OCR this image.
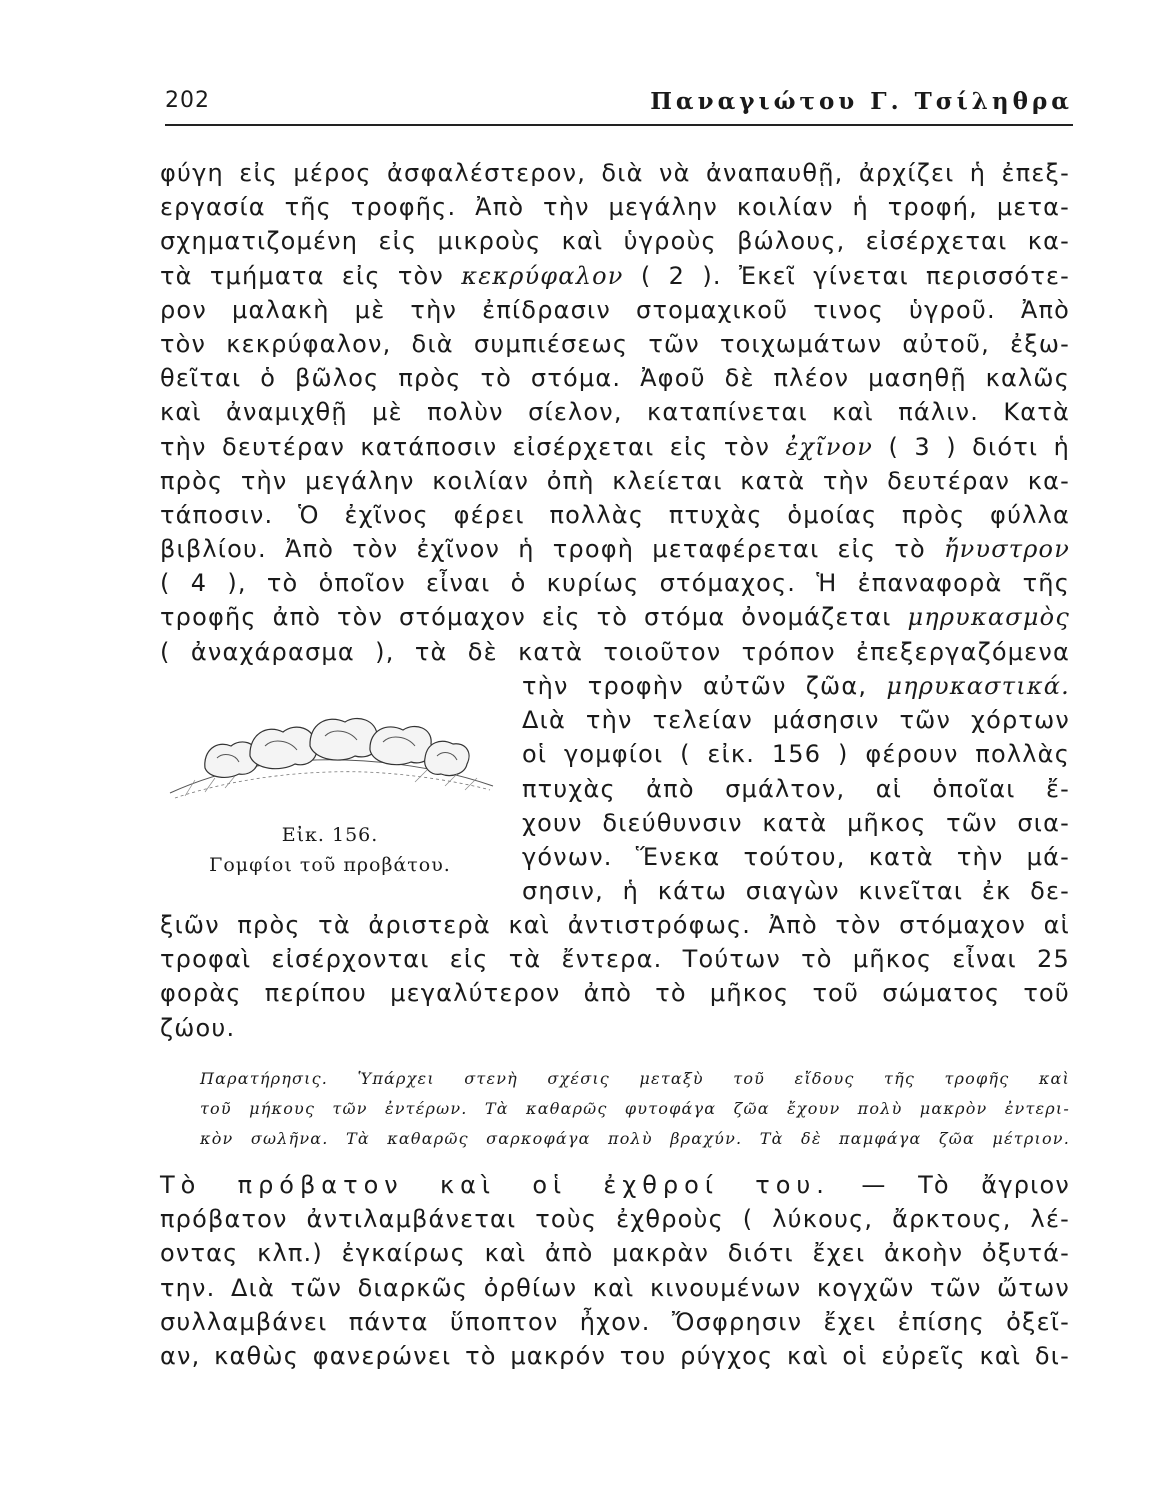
202	Παναγιώτου Γ. Τσίληθρα
φύγη εἰς μέρος ἀσφαλέστερον, διὰ νὰ ἀναπαυθῇ, ἀρχίζει ἡ ἐπεξ-
εργασία τῆς τροφῆς. Ἀπὸ τὴν μεγάλην κοιλίαν ἡ τροφή, μετα-
σχηματιζομένη εἰς μικροὺς καὶ ὑγροὺς βώλους, εἰσέρχεται κα-
τὰ τμήματα εἰς τὸν κεκρύφαλον ( 2 ). Ἐκεῖ γίνεται περισσότε-
ρον μαλακὴ μὲ τὴν ἐπίδρασιν στομαχικοῦ τινος ὑγροῦ. Ἀπὸ
τὸν κεκρύφαλον, διὰ συμπιέσεως τῶν τοιχωμάτων αὐτοῦ, ἐξω-
θεῖται ὁ βῶλος πρὸς τὸ στόμα. Ἀφοῦ δὲ πλέον μασηθῇ καλῶς
καὶ ἀναμιχθῇ μὲ πολὺν σίελον, καταπίνεται καὶ πάλιν. Κατὰ
τὴν δευτέραν κατάποσιν εἰσέρχεται εἰς τὸν ἐχῖνον ( 3 ) διότι ἡ
πρὸς τὴν μεγάλην κοιλίαν ὀπὴ κλείεται κατὰ τὴν δευτέραν κα-
τάποσιν. Ὁ ἐχῖνος φέρει πολλὰς πτυχὰς ὁμοίας πρὸς φύλλα
βιβλίου. Ἀπὸ τὸν ἐχῖνον ἡ τροφὴ μεταφέρεται εἰς τὸ ἤνυστρον
( 4 ), τὸ ὁποῖον εἶναι ὁ κυρίως στόμαχος. Ἡ ἐπαναφορὰ τῆς
τροφῆς ἀπὸ τὸν στόμαχον εἰς τὸ στόμα ὀνομάζεται μηρυκασμὸς
( ἀναχάρασμα ), τὰ δὲ κατὰ τοιοῦτον τρόπον ἐπεξεργαζόμενα
Εἰκ. 156.
Γομφίοι τοῦ προβάτου.
τὴν τροφὴν αὐτῶν ζῶα, μηρυκαστικά.
Διὰ τὴν τελείαν μάσησιν τῶν χόρτων
οἱ γομφίοι ( εἰκ. 156 ) φέρουν πολλὰς
πτυχὰς ἀπὸ σμάλτον, αἱ ὁποῖαι ἔ-
χουν διεύθυνσιν κατὰ μῆκος τῶν σια-
γόνων. Ἕνεκα τούτου, κατὰ τὴν μά-
σησιν, ἡ κάτω σιαγὼν κινεῖται ἐκ δε-
ξιῶν πρὸς τὰ ἀριστερὰ καὶ ἀντιστρόφως. Ἀπὸ τὸν στόμαχον αἱ
τροφαὶ εἰσέρχονται εἰς τὰ ἔντερα. Τούτων τὸ μῆκος εἶναι 25
φορὰς περίπου μεγαλύτερον ἀπὸ τὸ μῆκος τοῦ σώματος τοῦ
ζώου.
Παρατήρησις. Ὑπάρχει στενὴ σχέσις μεταξὺ τοῦ εἴδους τῆς τροφῆς καὶ
τοῦ μήκους τῶν ἐντέρων. Τὰ καθαρῶς φυτοφάγα ζῶα ἔχουν πολὺ μακρὸν ἐντερι-
κὸν σωλῆνα. Τὰ καθαρῶς σαρκοφάγα πολὺ βραχύν. Τὰ δὲ παμφάγα ζῶα μέτριον.
Τὸ πρόβατον καὶ οἱ ἐχθροί του. — Τὸ ἄγριον
πρόβατον ἀντιλαμβάνεται τοὺς ἐχθροὺς ( λύκους, ἄρκτους, λέ-
οντας κλπ.) ἐγκαίρως καὶ ἀπὸ μακρὰν διότι ἔχει ἀκοὴν ὀξυτά-
την. Διὰ τῶν διαρκῶς ὀρθίων καὶ κινουμένων κογχῶν τῶν ὤτων
συλλαμβάνει πάντα ὕποπτον ἦχον. Ὄσφρησιν ἔχει ἐπίσης ὀξεῖ-
αν, καθὼς φανερώνει τὸ μακρόν του ρύγχος καὶ οἱ εὐρεῖς καὶ δι-
